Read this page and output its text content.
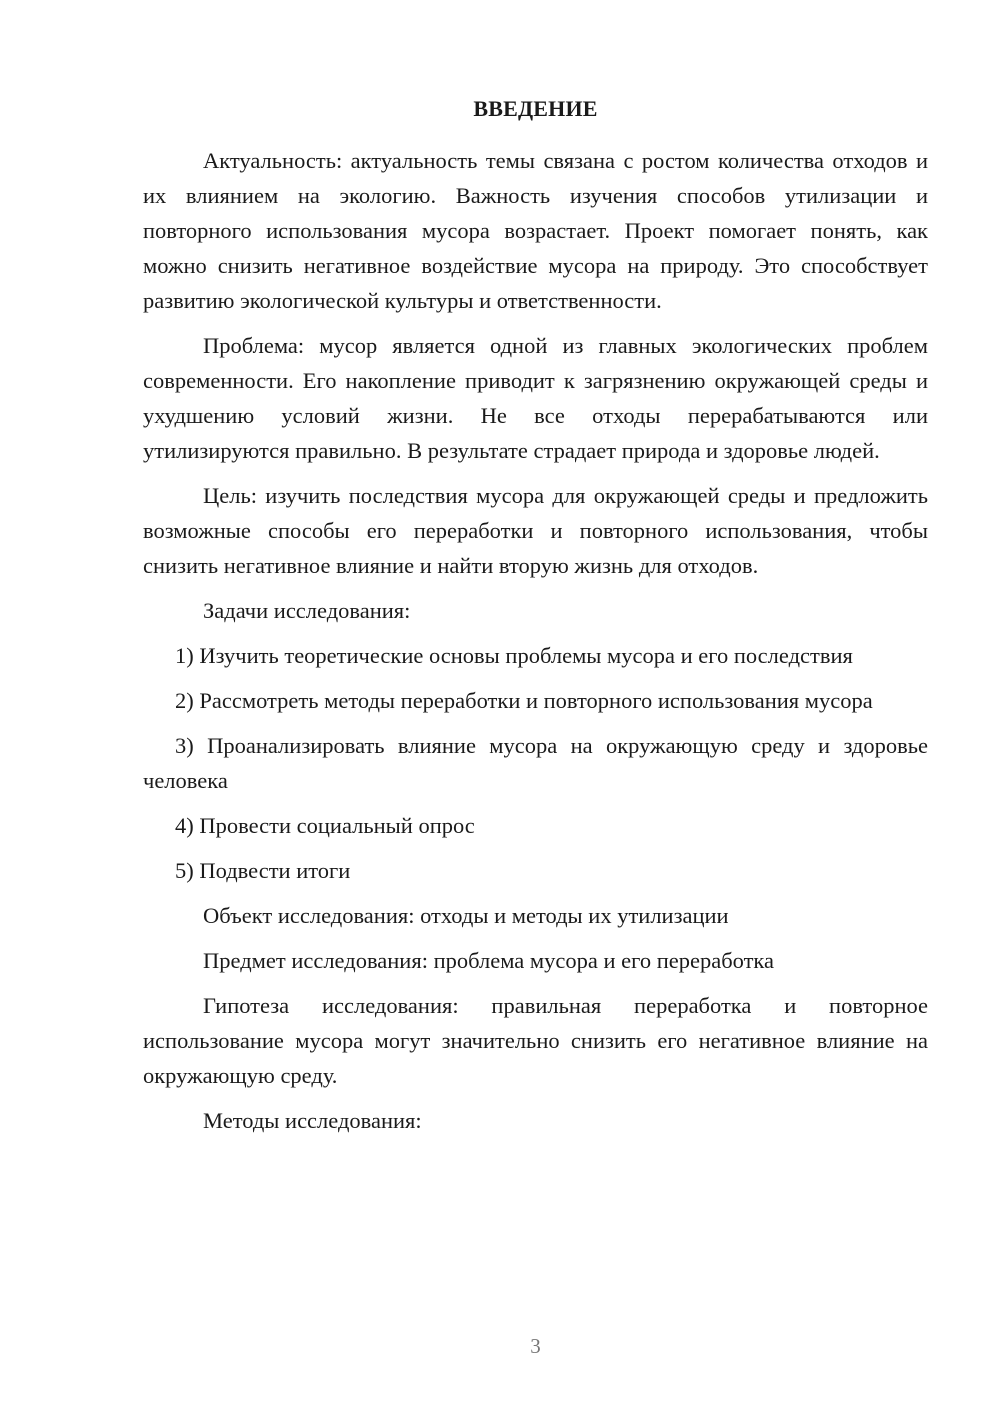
ВВЕДЕНИЕ

Актуальность: актуальность темы связана с ростом количества отходов и их влиянием на экологию. Важность изучения способов утилизации и повторного использования мусора возрастает. Проект помогает понять, как можно снизить негативное воздействие мусора на природу. Это способствует развитию экологической культуры и ответственности.

Проблема: мусор является одной из главных экологических проблем современности. Его накопление приводит к загрязнению окружающей среды и ухудшению условий жизни. Не все отходы перерабатываются или утилизируются правильно. В результате страдает природа и здоровье людей.

Цель: изучить последствия мусора для окружающей среды и предложить возможные способы его переработки и повторного использования, чтобы снизить негативное влияние и найти вторую жизнь для отходов.

Задачи исследования:

1) Изучить теоретические основы проблемы мусора и его последствия

2) Рассмотреть методы переработки и повторного использования мусора

3) Проанализировать влияние мусора на окружающую среду и здоровье человека

4) Провести социальный опрос

5) Подвести итоги

Объект исследования: отходы и методы их утилизации

Предмет исследования: проблема мусора и его переработка

Гипотеза исследования: правильная переработка и повторное использование мусора могут значительно снизить его негативное влияние на окружающую среду.

Методы исследования:

3
